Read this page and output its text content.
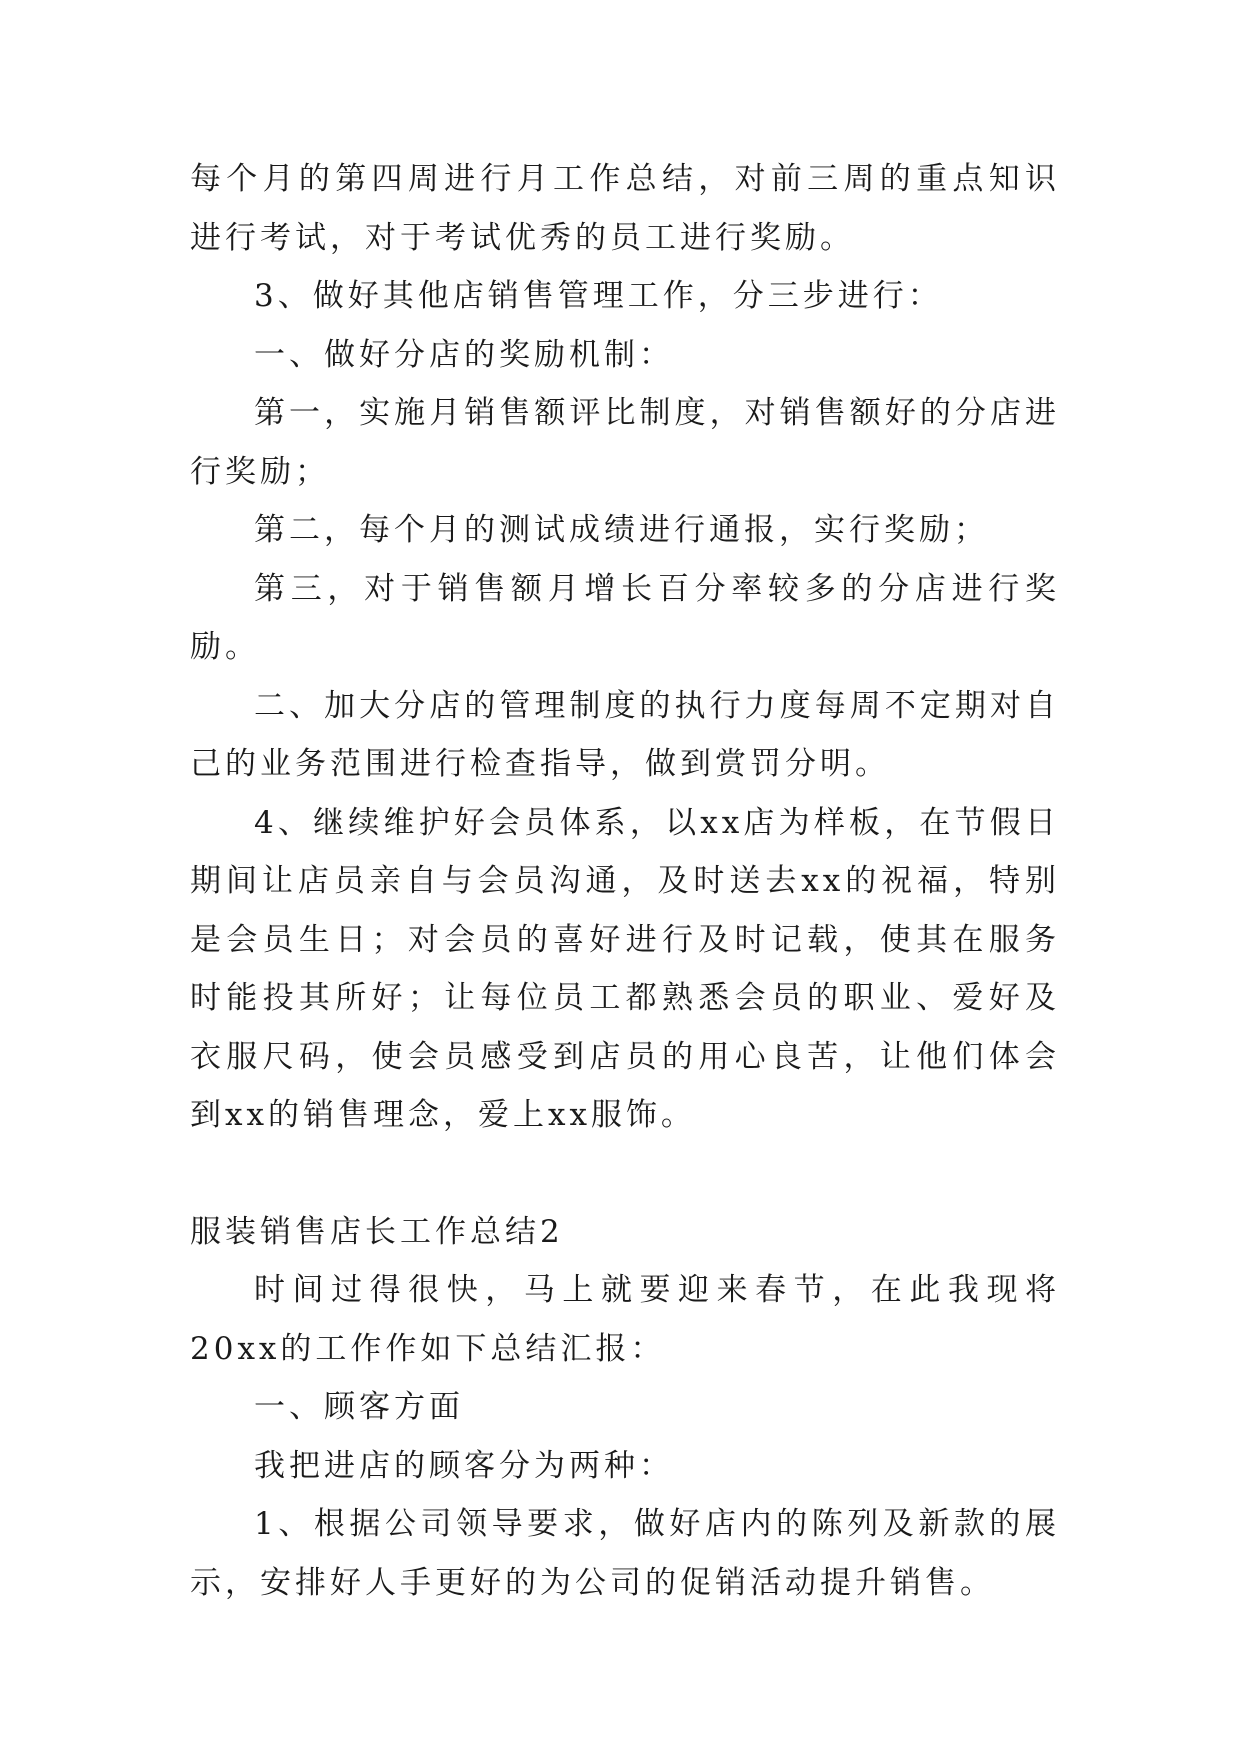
每个月的第四周进行月工作总结，对前三周的重点知识进行考试，对于考试优秀的员工进行奖励。

3、做好其他店销售管理工作，分三步进行：

一、做好分店的奖励机制：

第一，实施月销售额评比制度，对销售额好的分店进行奖励；

第二，每个月的测试成绩进行通报，实行奖励；

第三，对于销售额月增长百分率较多的分店进行奖励。

二、加大分店的管理制度的执行力度每周不定期对自己的业务范围进行检查指导，做到赏罚分明。

4、继续维护好会员体系，以xx店为样板，在节假日期间让店员亲自与会员沟通，及时送去xx的祝福，特别是会员生日；对会员的喜好进行及时记载，使其在服务时能投其所好；让每位员工都熟悉会员的职业、爱好及衣服尺码，使会员感受到店员的用心良苦，让他们体会到xx的销售理念，爱上xx服饰。

服装销售店长工作总结2

时间过得很快，马上就要迎来春节，在此我现将20xx的工作作如下总结汇报：

一、顾客方面

我把进店的顾客分为两种：

1、根据公司领导要求，做好店内的陈列及新款的展示，安排好人手更好的为公司的促销活动提升销售。
